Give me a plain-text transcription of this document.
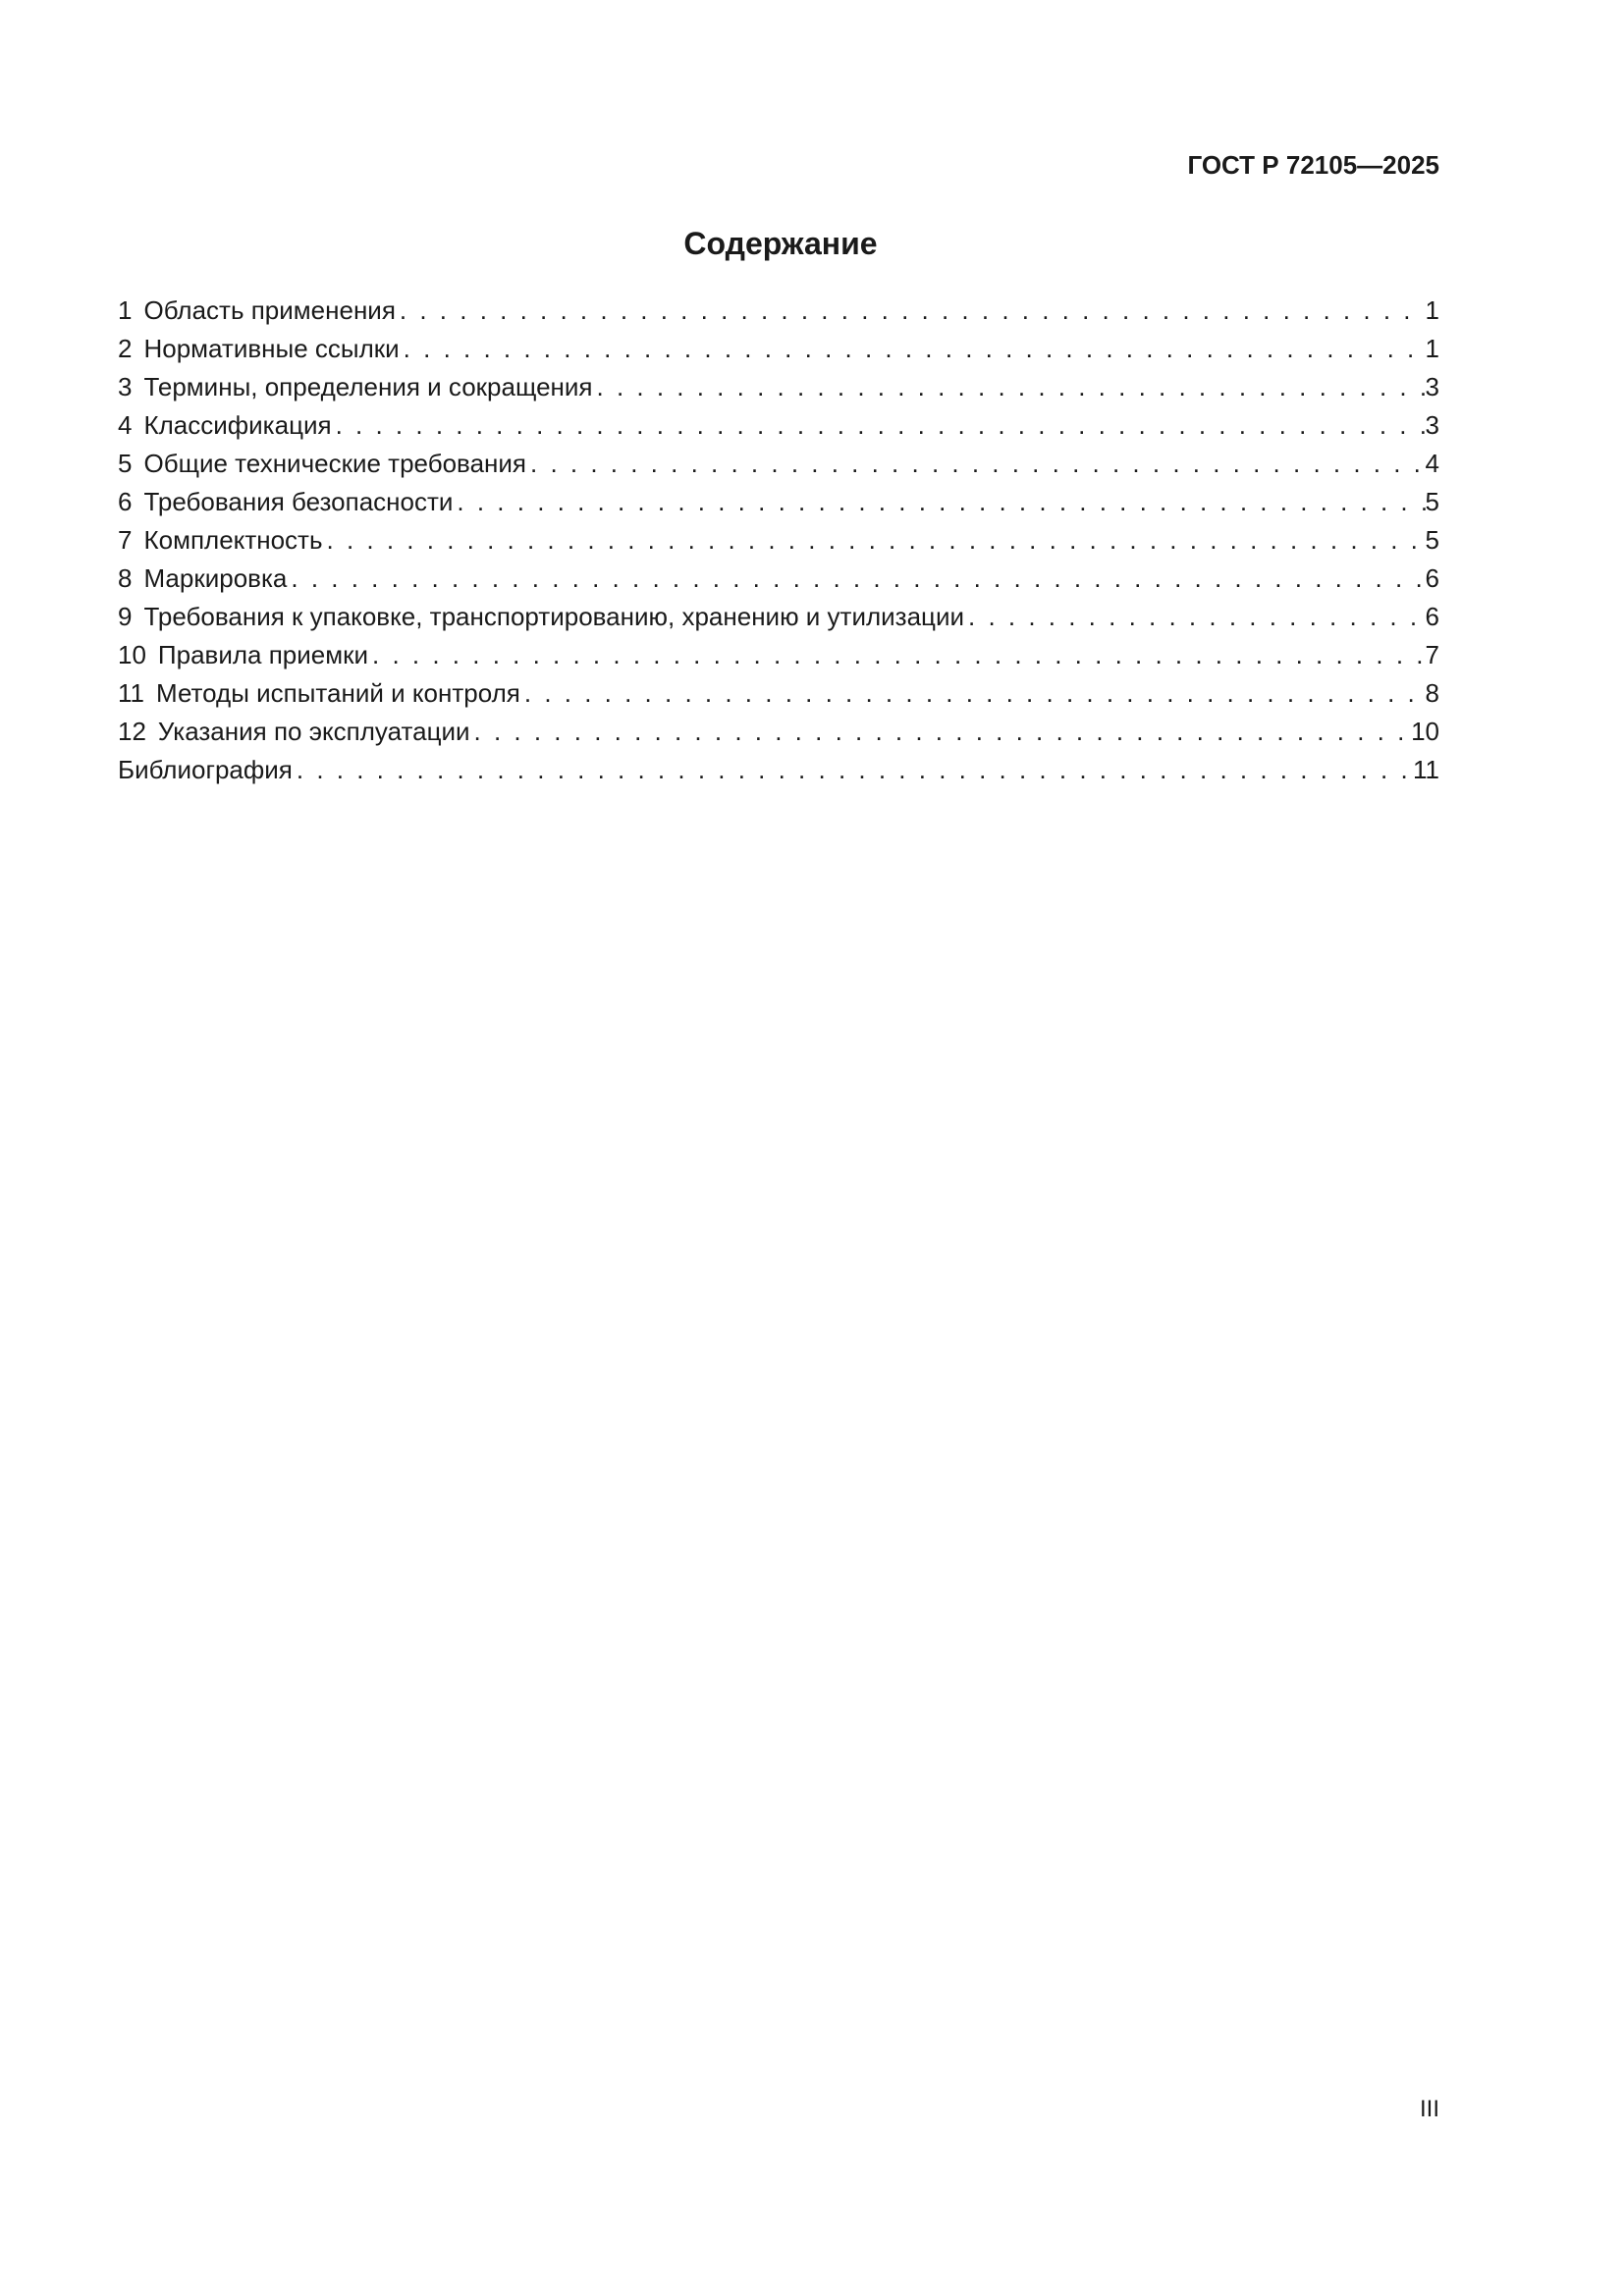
ГОСТ Р 72105—2025
Содержание
1 Область применения . . .	1
2 Нормативные ссылки . . .	1
3 Термины, определения и сокращения . . .	3
4 Классификация . . .	3
5 Общие технические требования . . .	4
6 Требования безопасности . . .	5
7 Комплектность . . .	5
8 Маркировка . . .	6
9 Требования к упаковке, транспортированию, хранению и утилизации . . .	6
10 Правила приемки . . .	7
11 Методы испытаний и контроля . . .	8
12 Указания по эксплуатации . . .	10
Библиография . . .	11
III
